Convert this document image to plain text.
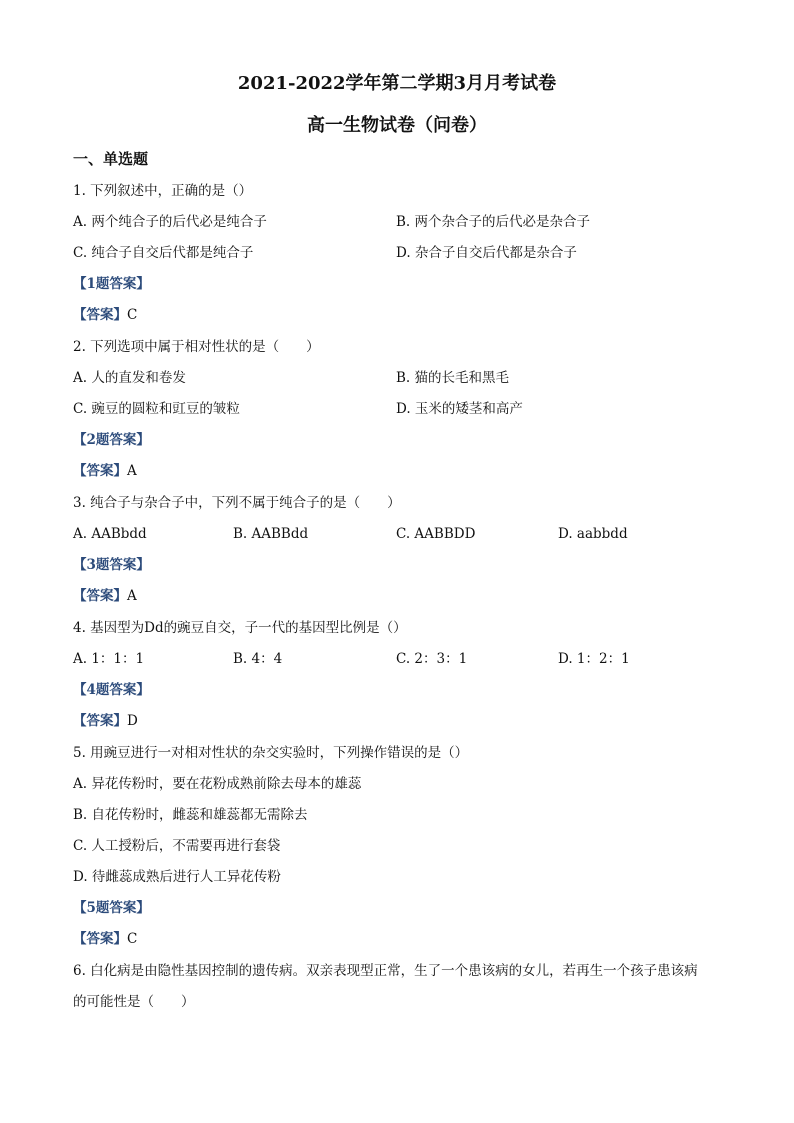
2021-2022学年第二学期3月月考试卷
高一生物试卷（问卷）
一、单选题
1. 下列叙述中，正确的是（）
A. 两个纯合子的后代必是纯合子	B. 两个杂合子的后代必是杂合子
C. 纯合子自交后代都是纯合子	D. 杂合子自交后代都是杂合子
【1题答案】
【答案】C
2. 下列选项中属于相对性状的是（　　）
A. 人的直发和卷发	B. 猫的长毛和黑毛
C. 豌豆的圆粒和豇豆的皱粒	D. 玉米的矮茎和高产
【2题答案】
【答案】A
3. 纯合子与杂合子中，下列不属于纯合子的是（　　）
A. AABbdd	B. AABBdd	C. AABBDD	D. aabbdd
【3题答案】
【答案】A
4. 基因型为Dd的豌豆自交，子一代的基因型比例是（）
A. 1：1：1	B. 4：4	C. 2：3：1	D. 1：2：1
【4题答案】
【答案】D
5. 用豌豆进行一对相对性状的杂交实验时，下列操作错误的是（）
A. 异花传粉时，要在花粉成熟前除去母本的雄蕊
B. 自花传粉时，雌蕊和雄蕊都无需除去
C. 人工授粉后，不需要再进行套袋
D. 待雌蕊成熟后进行人工异花传粉
【5题答案】
【答案】C
6. 白化病是由隐性基因控制的遗传病。双亲表现型正常，生了一个患该病的女儿，若再生一个孩子患该病
的可能性是（　　）
